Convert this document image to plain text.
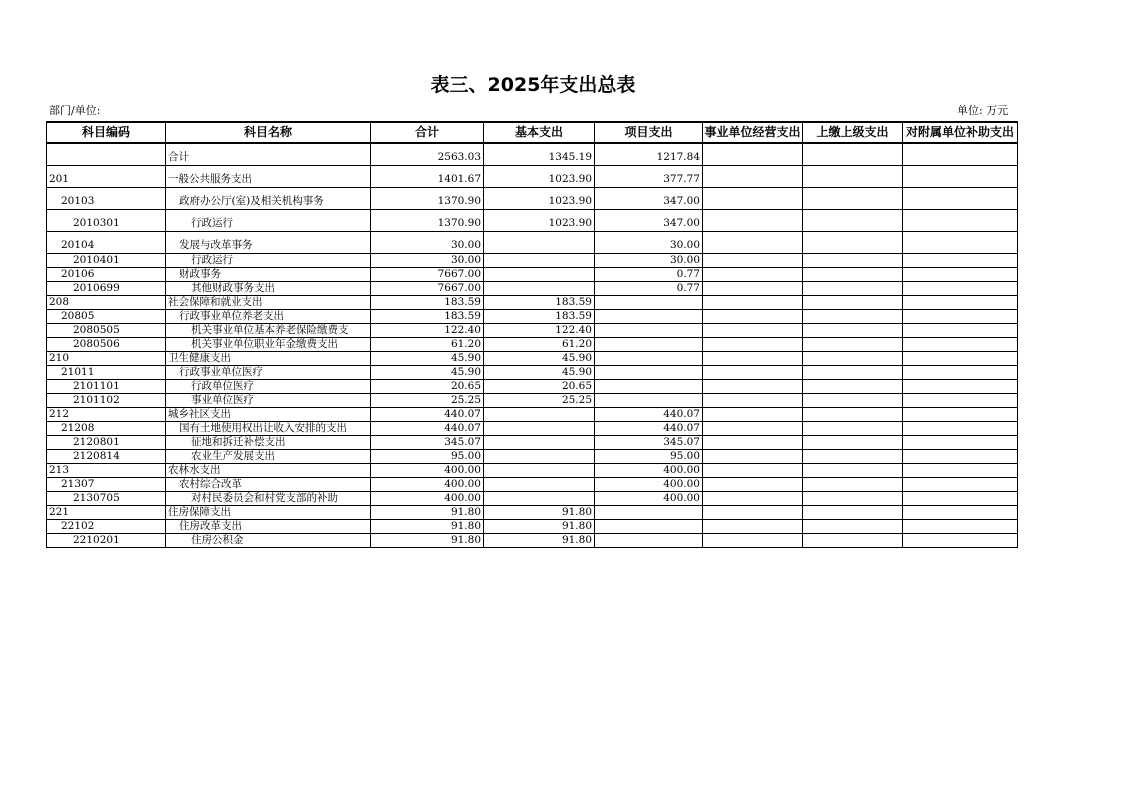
表三、2025年支出总表
部门/单位:	单位: 万元
科目编码	科目名称	合计	基本支出	项目支出	事业单位经营支出	上缴上级支出	对附属单位补助支出
	合计	2563.03	1345.19	1217.84			
201	一般公共服务支出	1401.67	1023.90	377.77			
20103	政府办公厅(室)及相关机构事务	1370.90	1023.90	347.00			
2010301	行政运行	1370.90	1023.90	347.00			
20104	发展与改革事务	30.00		30.00			
2010401	行政运行	30.00		30.00			
20106	财政事务	7667.00		0.77			
2010699	其他财政事务支出	7667.00		0.77			
208	社会保障和就业支出	183.59	183.59				
20805	行政事业单位养老支出	183.59	183.59				
2080505	机关事业单位基本养老保险缴费支	122.40	122.40				
2080506	机关事业单位职业年金缴费支出	61.20	61.20				
210	卫生健康支出	45.90	45.90				
21011	行政事业单位医疗	45.90	45.90				
2101101	行政单位医疗	20.65	20.65				
2101102	事业单位医疗	25.25	25.25				
212	城乡社区支出	440.07		440.07			
21208	国有土地使用权出让收入安排的支出	440.07		440.07			
2120801	征地和拆迁补偿支出	345.07		345.07			
2120814	农业生产发展支出	95.00		95.00			
213	农林水支出	400.00		400.00			
21307	农村综合改革	400.00		400.00			
2130705	对村民委员会和村党支部的补助	400.00		400.00			
221	住房保障支出	91.80	91.80				
22102	住房改革支出	91.80	91.80				
2210201	住房公积金	91.80	91.80				
